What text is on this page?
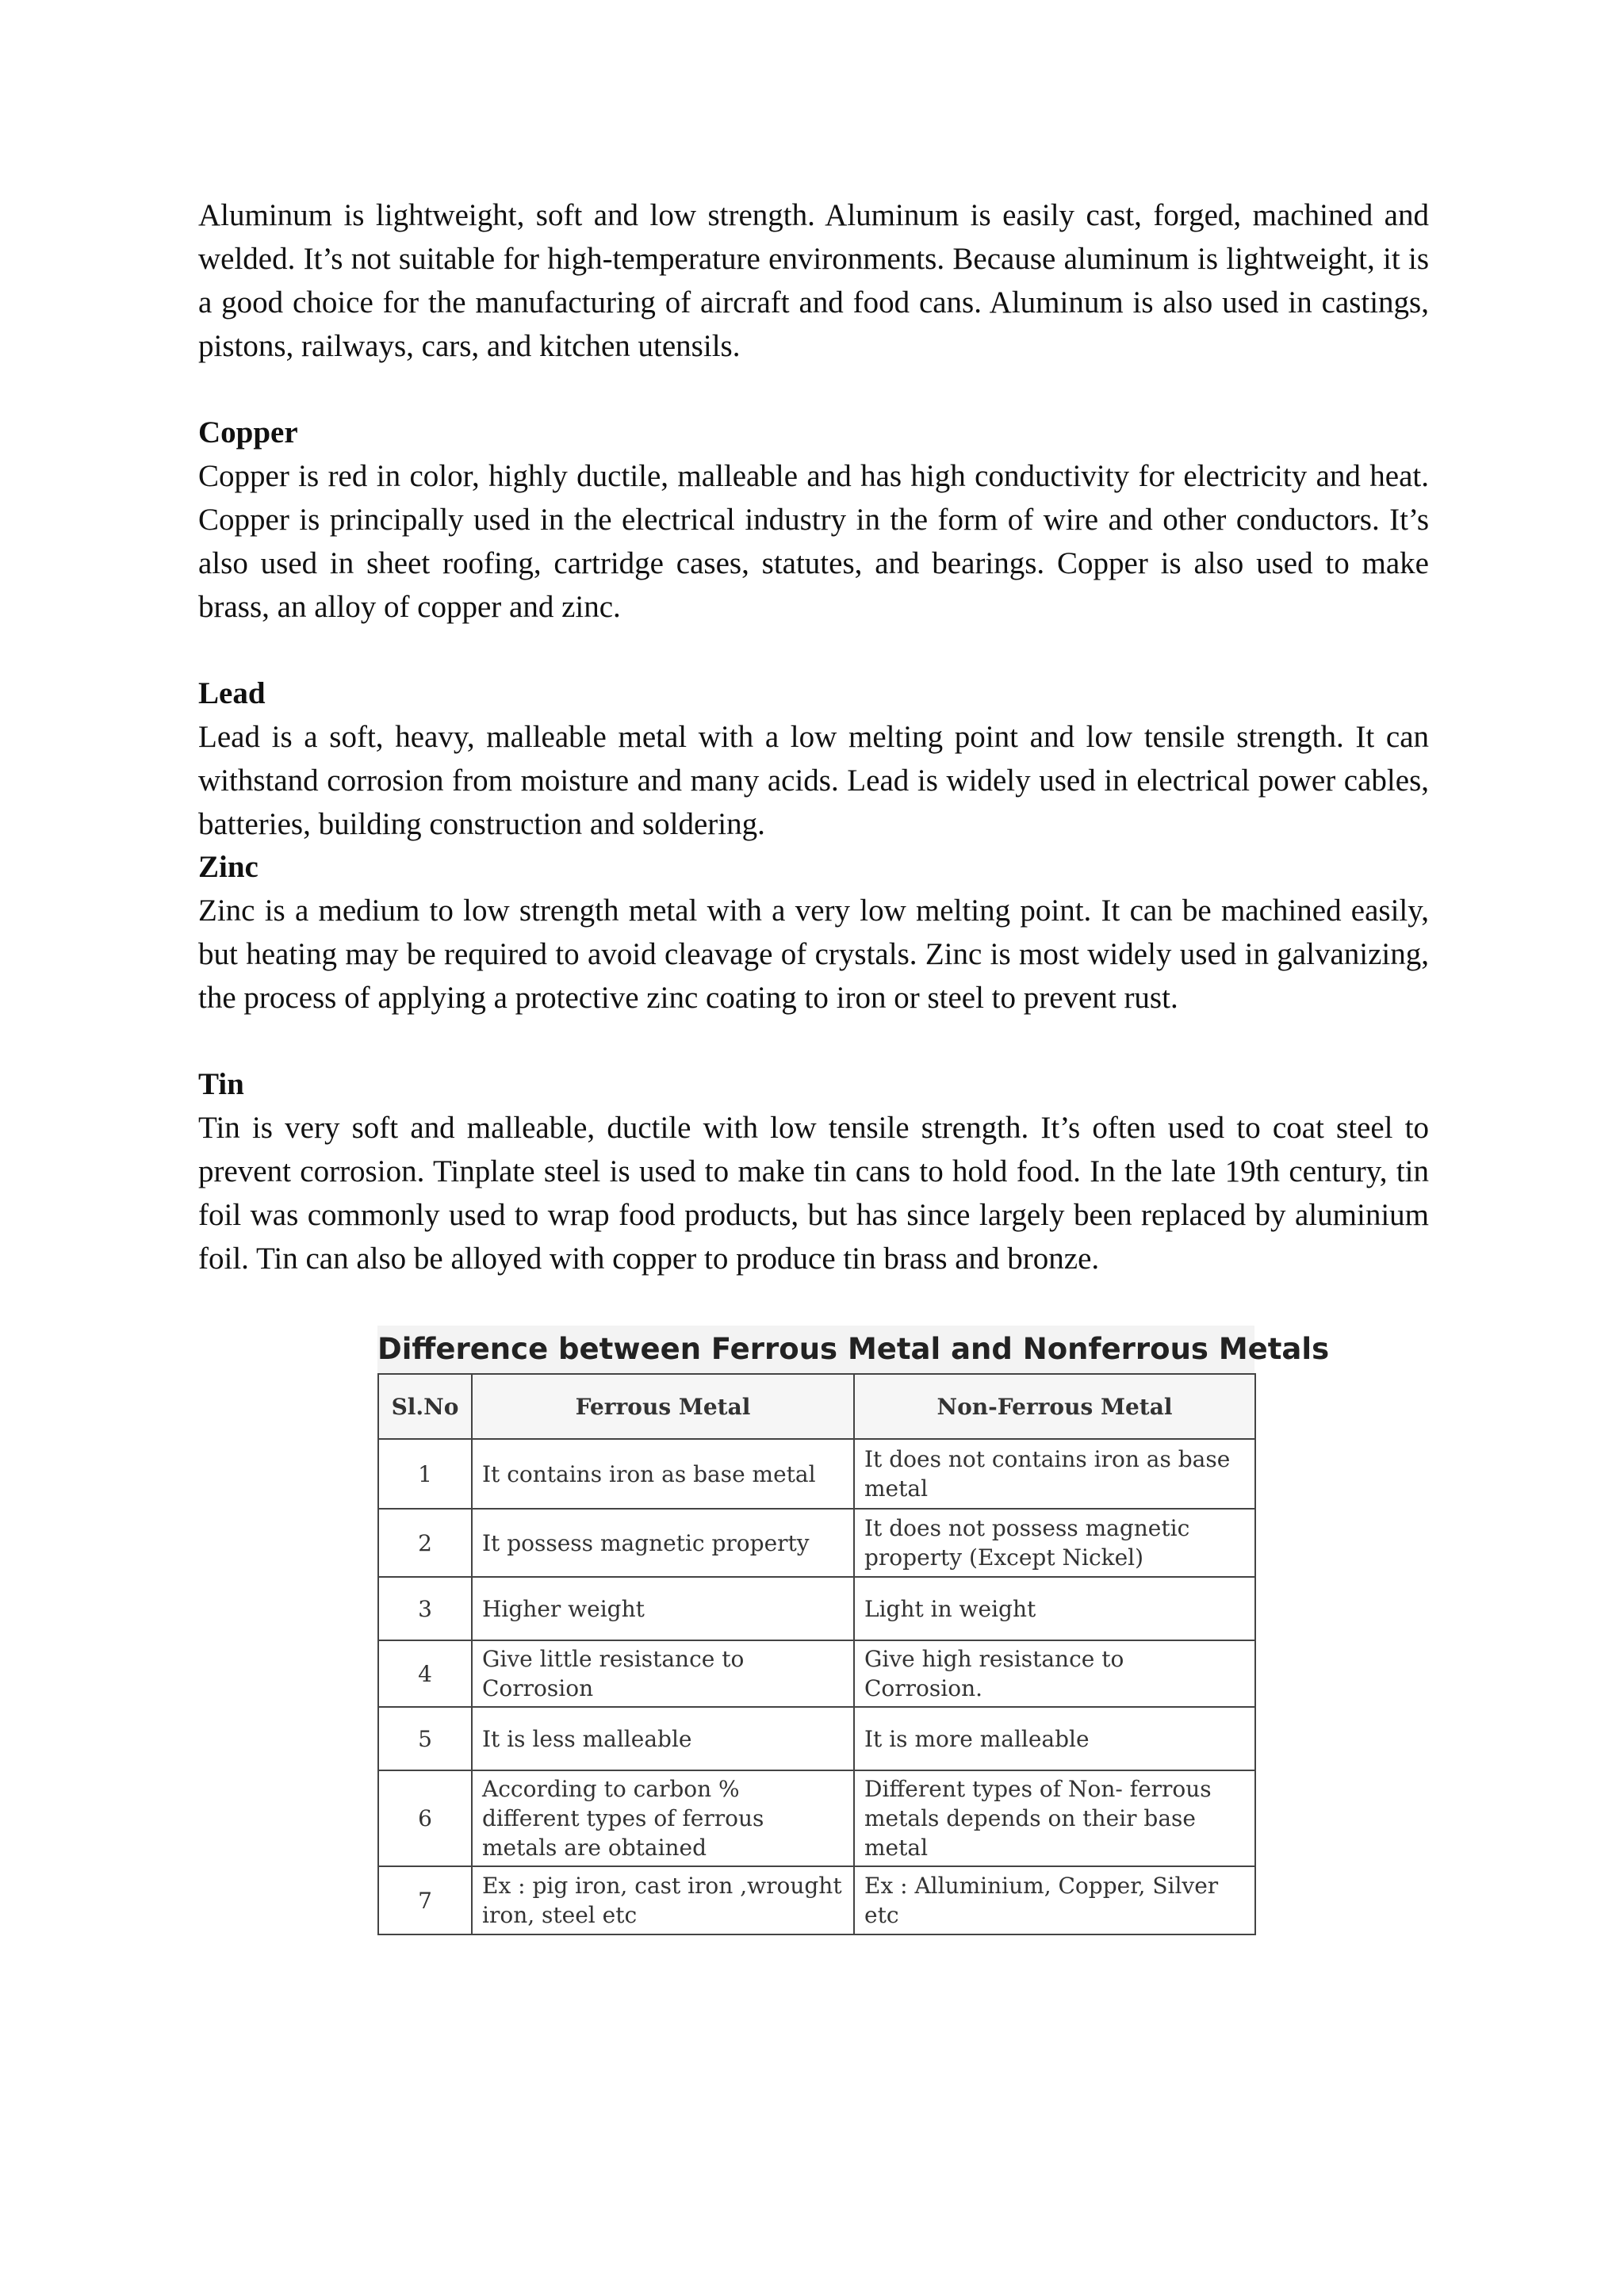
Aluminum is lightweight, soft and low strength. Aluminum is easily cast, forged, machined and welded. It’s not suitable for high-temperature environments. Because aluminum is lightweight, it is a good choice for the manufacturing of aircraft and food cans. Aluminum is also used in castings, pistons, railways, cars, and kitchen utensils.

Copper

Copper is red in color, highly ductile, malleable and has high conductivity for electricity and heat. Copper is principally used in the electrical industry in the form of wire and other conductors. It’s also used in sheet roofing, cartridge cases, statutes, and bearings. Copper is also used to make brass, an alloy of copper and zinc.

Lead

Lead is a soft, heavy, malleable metal with a low melting point and low tensile strength. It can withstand corrosion from moisture and many acids. Lead is widely used in electrical power cables, batteries, building construction and soldering.

Zinc

Zinc is a medium to low strength metal with a very low melting point. It can be machined easily, but heating may be required to avoid cleavage of crystals. Zinc is most widely used in galvanizing, the process of applying a protective zinc coating to iron or steel to prevent rust.

Tin

Tin is very soft and malleable, ductile with low tensile strength. It’s often used to coat steel to prevent corrosion. Tinplate steel is used to make tin cans to hold food. In the late 19th century, tin foil was commonly used to wrap food products, but has since largely been replaced by aluminium foil. Tin can also be alloyed with copper to produce tin brass and bronze.

Difference between Ferrous Metal and Nonferrous Metals

Sl.No	Ferrous Metal	Non-Ferrous Metal
1	It contains iron as base metal	It does not contains iron as base metal
2	It possess magnetic property	It does not possess magnetic property (Except Nickel)
3	Higher weight	Light in weight
4	Give little resistance to Corrosion	Give high resistance to Corrosion.
5	It is less malleable	It is more malleable
6	According to carbon % different types of ferrous metals are obtained	Different types of Non- ferrous metals depends on their base metal
7	Ex : pig iron, cast iron ,wrought iron, steel etc	Ex : Alluminium, Copper, Silver etc
